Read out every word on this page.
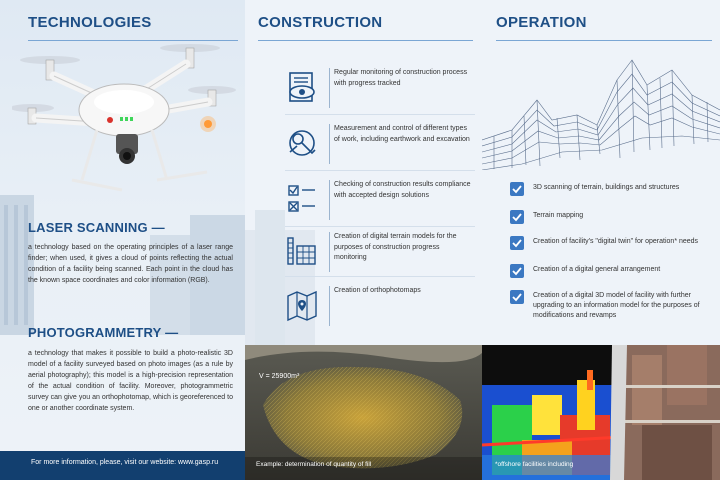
TECHNOLOGIES
LASER SCANNING —
a technology based on the operating principles of a laser range finder; when used, it gives a cloud of points reflecting the actual condition of a facility being scanned. Each point in the cloud has the known space coordinates and color information (RGB).
PHOTOGRAMMETRY —
a technology that makes it possible to build a photo-realistic 3D model of a facility surveyed based on photo images (as a rule by aerial photography); this model is a high-precision representation of the actual condition of facility. Moreover, photogrammetric survey can give you an orthophotomap, which is georeferenced to one or another coordinate system.
For more information, please, visit our website: www.gasp.ru
CONSTRUCTION
Regular monitoring of construction process with progress tracked
Measurement and control of different types of work, including earthwork and excavation
Checking of construction results compliance with accepted design solutions
Creation of digital terrain models for the purposes of construction progress monitoring
Creation of orthophotomaps
OPERATION
3D scanning of terrain, buildings and structures
Terrain mapping
Creation of facility's "digital twin" for operation* needs
Creation of a digital general arrangement
Creation of a digital 3D model of facility with further upgrading to an information model for the purposes of modifications and revamps
V = 25900m³
Example: determination of quantity of fill	*offshore facilities including
